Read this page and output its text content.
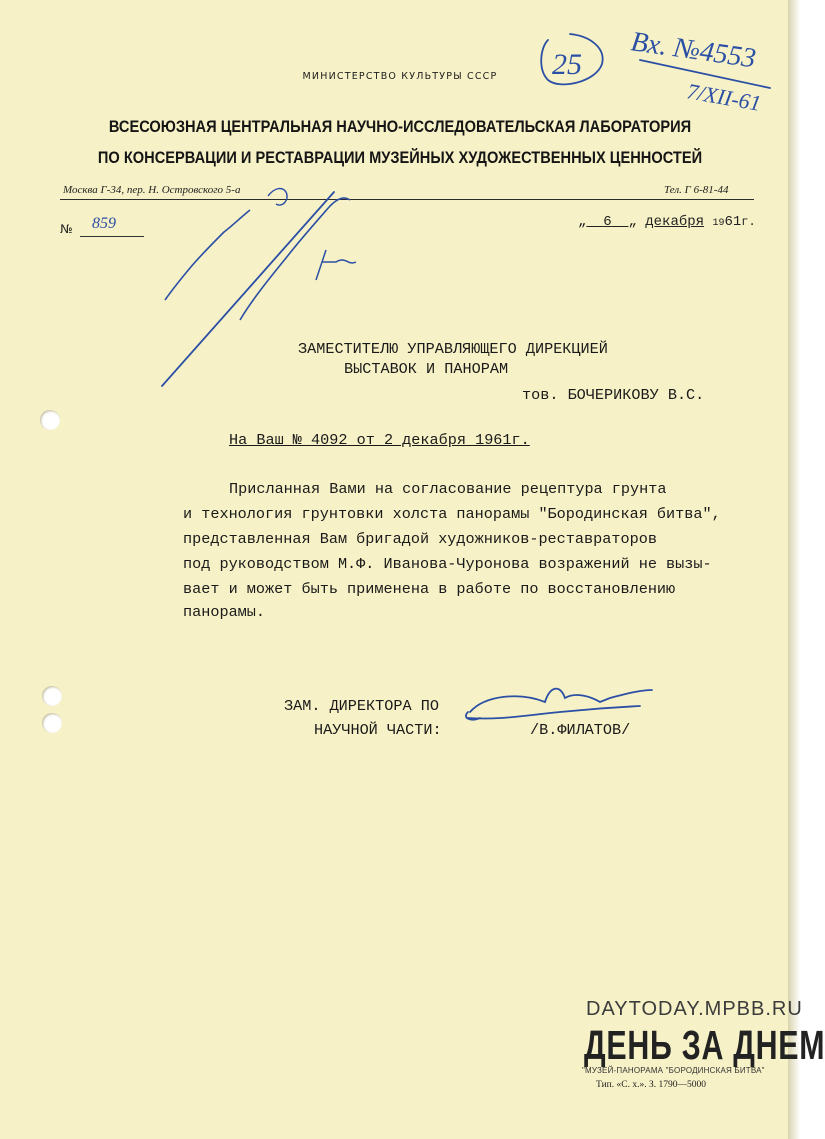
МИНИСТЕРСТВО КУЛЬТУРЫ СССР
ВСЕСОЮЗНАЯ ЦЕНТРАЛЬНАЯ НАУЧНО-ИССЛЕДОВАТЕЛЬСКАЯ ЛАБОРАТОРИЯ
ПО КОНСЕРВАЦИИ И РЕСТАВРАЦИИ МУЗЕЙНЫХ ХУДОЖЕСТВЕННЫХ ЦЕННОСТЕЙ
Москва Г-34, пер. Н. Островского 5-а	Тел. Г 6-81-44
№ 859	„ 6 „ декабря 1961г.
25 Вх. №4553
7/XII-61
ЗАМЕСТИТЕЛЮ УПРАВЛЯЮЩЕГО ДИРЕКЦИЕЙ
ВЫСТАВОК И ПАНОРАМ
тов. БОЧЕРИКОВУ В.С.
На Ваш № 4092 от 2 декабря 1961г.
Присланная Вами на согласование рецептура грунта
и технология грунтовки холста панорамы "Бородинская битва",
представленная Вам бригадой художников-реставраторов
под руководством М.Ф. Иванова-Чуронова возражений не вызы-
вает и может быть применена в работе по восстановлению
панорамы.
ЗАМ. ДИРЕКТОРА ПО
НАУЧНОЙ ЧАСТИ:	/В.ФИЛАТОВ/
DAYTODAY.MPBB.RU
ДЕНЬ ЗА ДНЕМ
"МУЗЕЙ-ПАНОРАМА "БОРОДИНСКАЯ БИТВА"
Тип. «С. х.». З. 1790—5000
